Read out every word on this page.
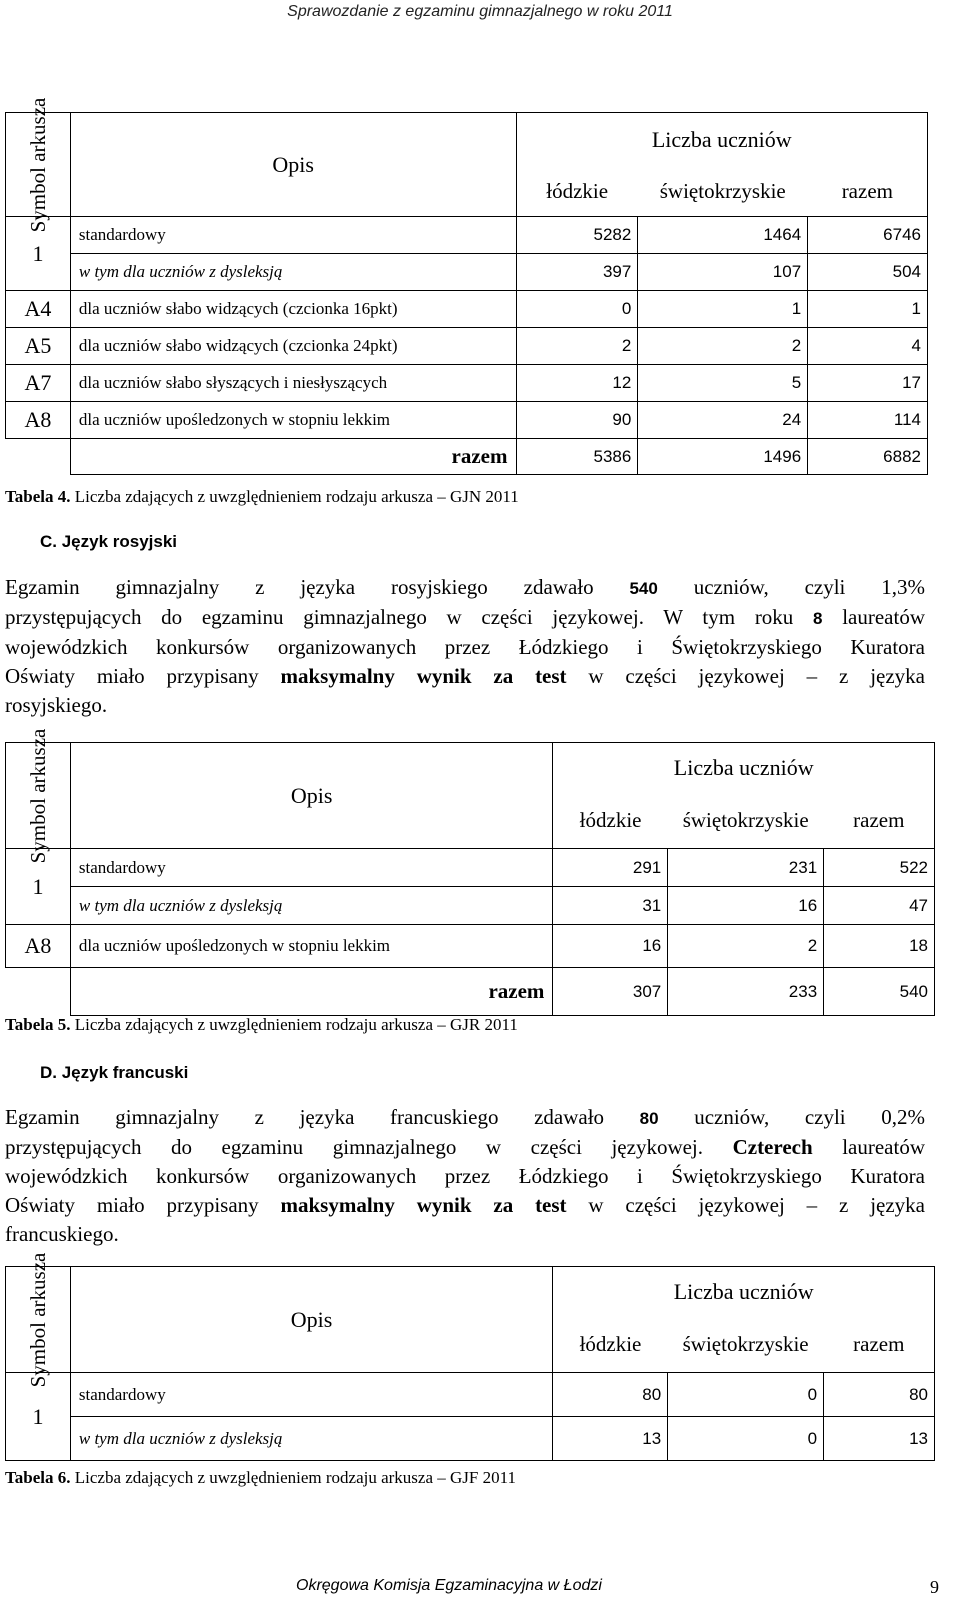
Sprawozdanie z egzaminu gimnazjalnego w roku 2011
Symbol arkusza	Opis	Liczba uczniów		
		łódzkie	świętokrzyskie	razem
1	standardowy	5282	1464	6746
	w tym dla uczniów z dysleksją	397	107	504
A4	dla uczniów słabo widzących (czcionka 16pkt)	0	1	1
A5	dla uczniów słabo widzących (czcionka 24pkt)	2	2	4
A7	dla uczniów słabo słyszących i niesłyszących	12	5	17
A8	dla uczniów upośledzonych w stopniu lekkim	90	24	114
	razem	5386	1496	6882
Tabela 4. Liczba zdających z uwzględnieniem rodzaju arkusza – GJN 2011
C. Język rosyjski
Egzamin gimnazjalny z języka rosyjskiego zdawało 540 uczniów, czyli 1,3%
przystępujących do egzaminu gimnazjalnego w części językowej. W tym roku 8 laureatów
wojewódzkich konkursów organizowanych przez Łódzkiego i Świętokrzyskiego Kuratora
Oświaty miało przypisany maksymalny wynik za test w części językowej – z języka
rosyjskiego.
Symbol arkusza	Opis	Liczba uczniów		
		łódzkie	świętokrzyskie	razem
1	standardowy	291	231	522
	w tym dla uczniów z dysleksją	31	16	47
A8	dla uczniów upośledzonych w stopniu lekkim	16	2	18
	razem	307	233	540
Tabela 5. Liczba zdających z uwzględnieniem rodzaju arkusza – GJR 2011
D. Język francuski
Egzamin gimnazjalny z języka francuskiego zdawało 80 uczniów, czyli 0,2%
przystępujących do egzaminu gimnazjalnego w części językowej. Czterech laureatów
wojewódzkich konkursów organizowanych przez Łódzkiego i Świętokrzyskiego Kuratora
Oświaty miało przypisany maksymalny wynik za test w części językowej – z języka
francuskiego.
Symbol arkusza	Opis	Liczba uczniów		
		łódzkie	świętokrzyskie	razem
1	standardowy	80	0	80
	w tym dla uczniów z dysleksją	13	0	13
Tabela 6. Liczba zdających z uwzględnieniem rodzaju arkusza – GJF 2011
Okręgowa Komisja Egzaminacyjna w Łodzi	9
